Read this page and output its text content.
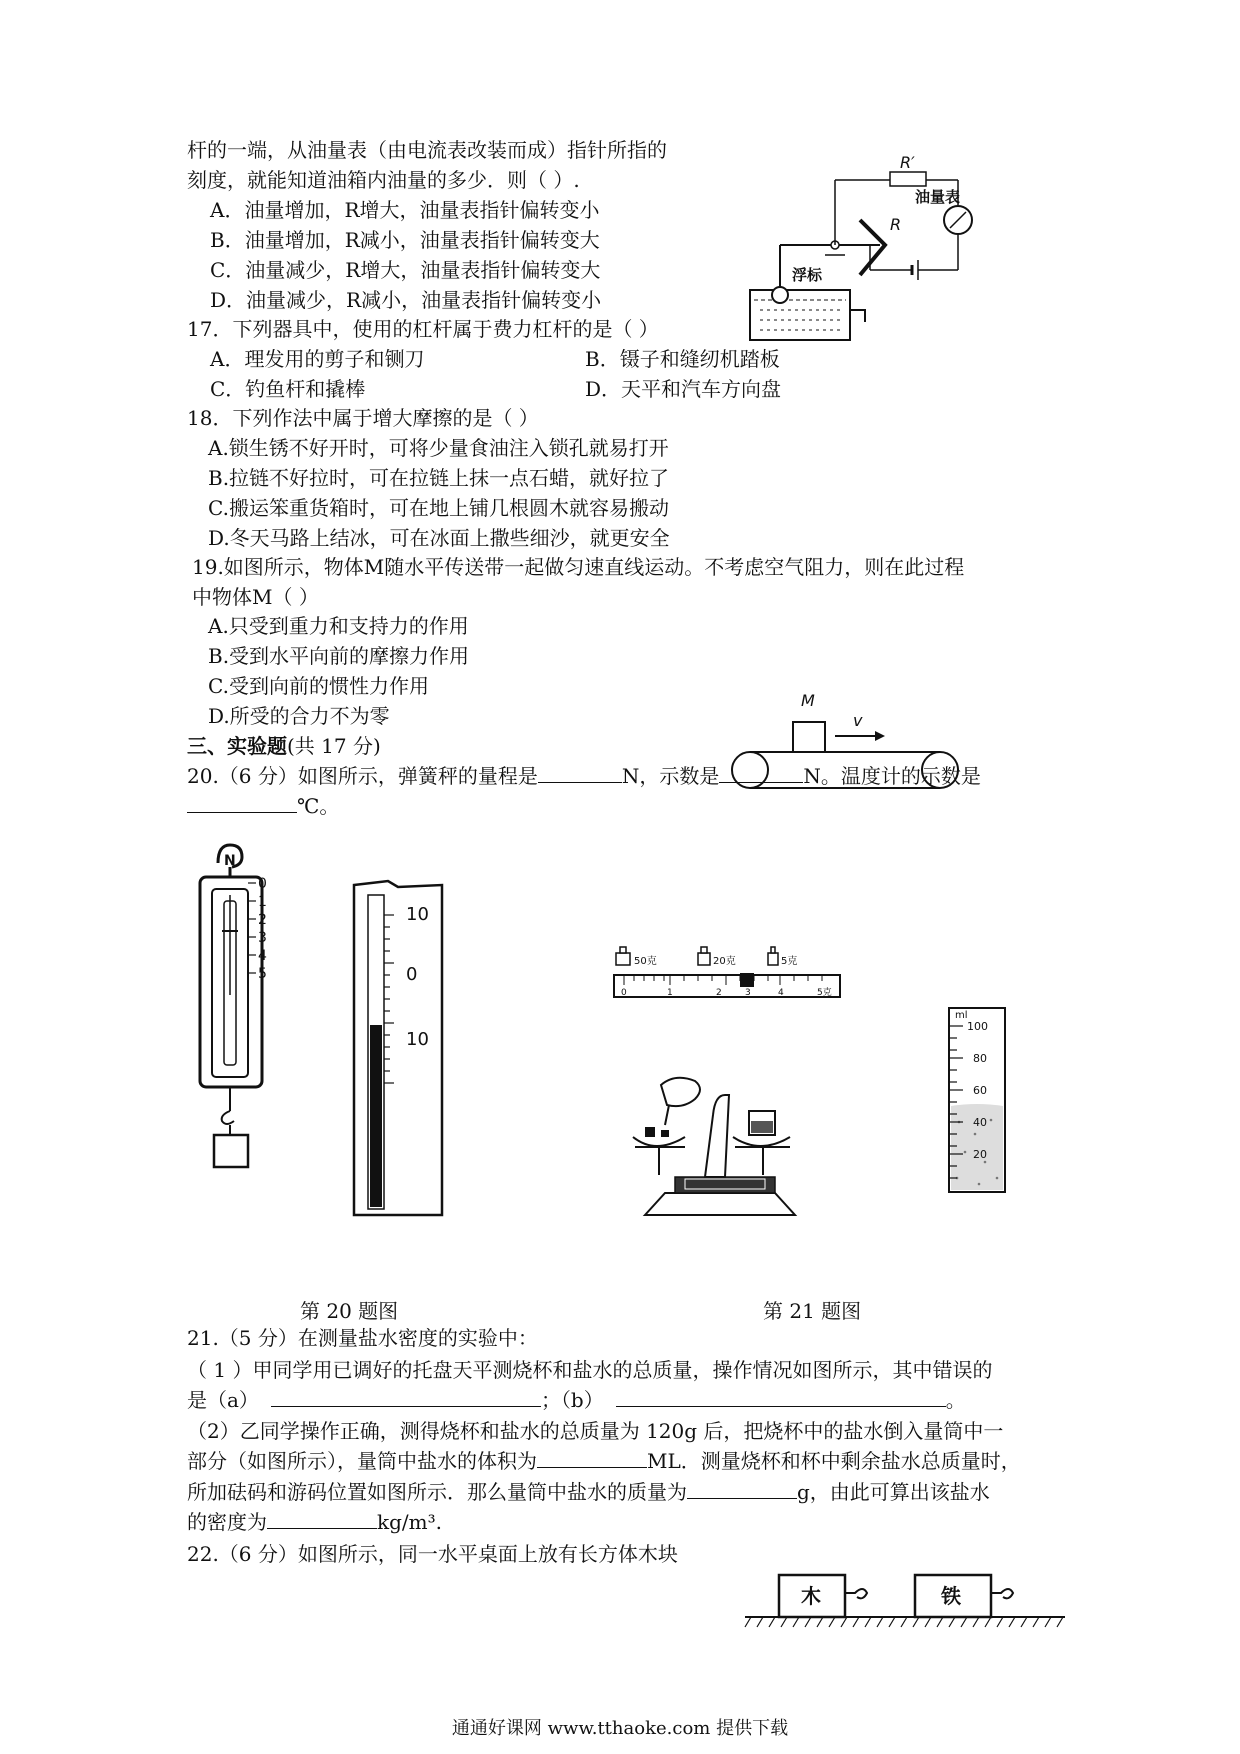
杆的一端，从油量表（由电流表改装而成）指针所指的
刻度，就能知道油箱内油量的多少．则（ ）.
A．油量增加，R增大，油量表指针偏转变小
B．油量增加，R减小，油量表指针偏转变大
C．油量减少，R增大，油量表指针偏转变大
D．油量减少，R减小，油量表指针偏转变小
R′
R
油量表
浮标
17．下列器具中，使用的杠杆属于费力杠杆的是（ ）
A．理发用的剪子和铡刀	B．镊子和缝纫机踏板
C．钓鱼杆和撬棒	D．天平和汽车方向盘
18．下列作法中属于增大摩擦的是（ ）
A.锁生锈不好开时，可将少量食油注入锁孔就易打开
B.拉链不好拉时，可在拉链上抹一点石蜡，就好拉了
C.搬运笨重货箱时，可在地上铺几根圆木就容易搬动
D.冬天马路上结冰，可在冰面上撒些细沙，就更安全
19.如图所示，物体M随水平传送带一起做匀速直线运动。不考虑空气阻力，则在此过程
中物体M（ ）
A.只受到重力和支持力的作用
B.受到水平向前的摩擦力作用
C.受到向前的惯性力作用
D.所受的合力不为零
M
v
三、实验题(共 17 分)
20.（6 分）如图所示，弹簧秤的量程是	N，示数是	N。温度计的示数是
℃。
N
0
1
2
3
4
5
10
0
10
50克	20克	5克
0	1	2	3	4	5克
ml
100
80
60
40
20
第 20 题图	第 21 题图
21.（5 分）在测量盐水密度的实验中：
（ 1 ）甲同学用已调好的托盘天平测烧杯和盐水的总质量，操作情况如图所示，其中错误的
是（a）	；（b）	。
（2）乙同学操作正确，测得烧杯和盐水的总质量为 120g 后，把烧杯中的盐水倒入量筒中一
部分（如图所示），量筒中盐水的体积为	ML．测量烧杯和杯中剩余盐水总质量时，
所加砝码和游码位置如图所示．那么量筒中盐水的质量为	g，由此可算出该盐水
的密度为	kg/m³.
22.（6 分）如图所示，同一水平桌面上放有长方体木块
木	铁
通通好课网 www.tthaoke.com 提供下载
